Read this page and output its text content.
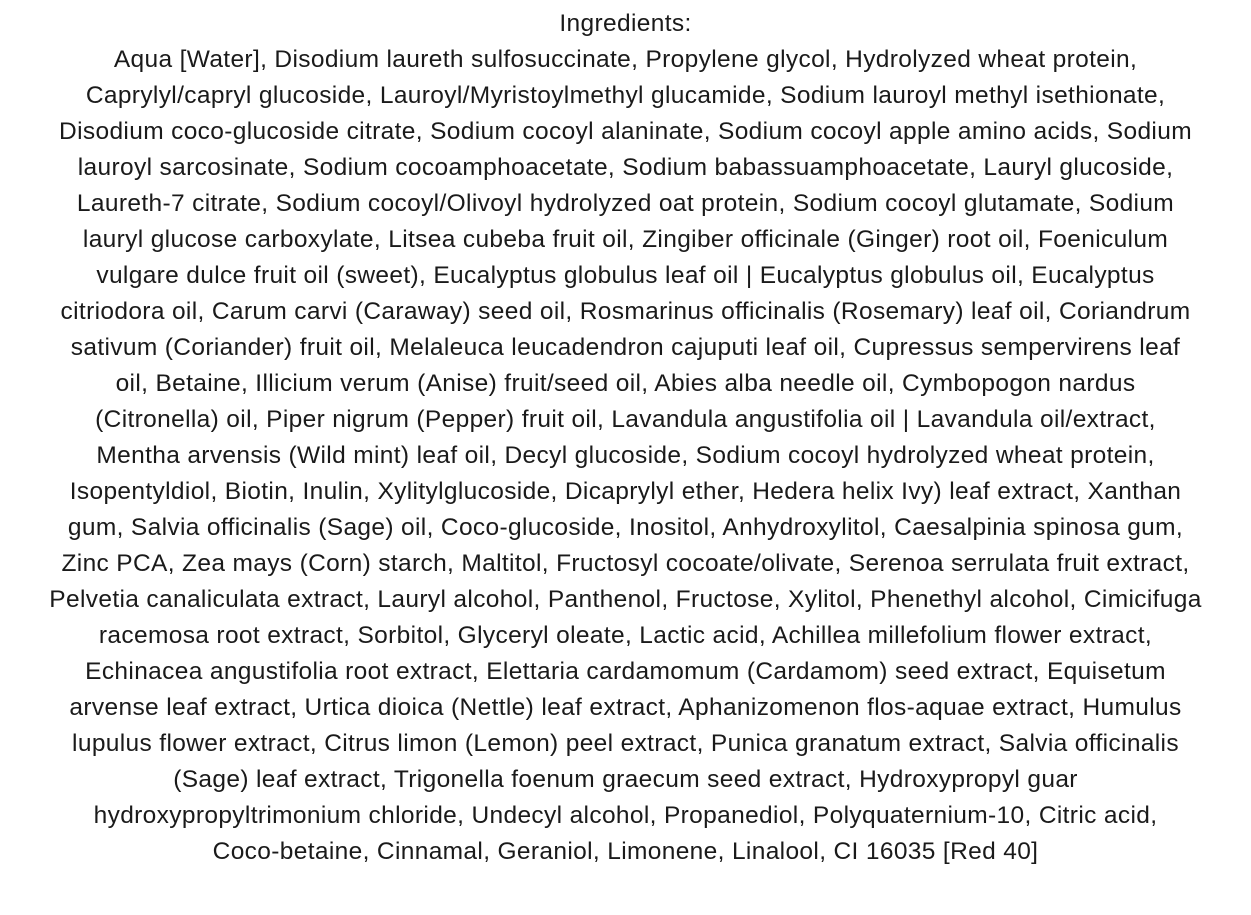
Ingredients:
Aqua [Water], Disodium laureth sulfosuccinate, Propylene glycol, Hydrolyzed wheat protein,
Caprylyl/capryl glucoside, Lauroyl/Myristoylmethyl glucamide, Sodium lauroyl methyl isethionate,
Disodium coco-glucoside citrate, Sodium cocoyl alaninate, Sodium cocoyl apple amino acids, Sodium
lauroyl sarcosinate, Sodium cocoamphoacetate, Sodium babassuamphoacetate, Lauryl glucoside,
Laureth-7 citrate, Sodium cocoyl/Olivoyl hydrolyzed oat protein, Sodium cocoyl glutamate, Sodium
lauryl glucose carboxylate, Litsea cubeba fruit oil, Zingiber officinale (Ginger) root oil, Foeniculum
vulgare dulce fruit oil (sweet), Eucalyptus globulus leaf oil | Eucalyptus globulus oil, Eucalyptus
citriodora oil, Carum carvi (Caraway) seed oil, Rosmarinus officinalis (Rosemary) leaf oil, Coriandrum
sativum (Coriander) fruit oil, Melaleuca leucadendron cajuputi leaf oil, Cupressus sempervirens leaf
oil, Betaine, Illicium verum (Anise) fruit/seed oil, Abies alba needle oil, Cymbopogon nardus
(Citronella) oil, Piper nigrum (Pepper) fruit oil, Lavandula angustifolia oil | Lavandula oil/extract,
Mentha arvensis (Wild mint) leaf oil, Decyl glucoside, Sodium cocoyl hydrolyzed wheat protein,
Isopentyldiol, Biotin, Inulin, Xylitylglucoside, Dicaprylyl ether, Hedera helix Ivy) leaf extract, Xanthan
gum, Salvia officinalis (Sage) oil, Coco-glucoside, Inositol, Anhydroxylitol, Caesalpinia spinosa gum,
Zinc PCA, Zea mays (Corn) starch, Maltitol, Fructosyl cocoate/olivate, Serenoa serrulata fruit extract,
Pelvetia canaliculata extract, Lauryl alcohol, Panthenol, Fructose, Xylitol, Phenethyl alcohol, Cimicifuga
racemosa root extract, Sorbitol, Glyceryl oleate, Lactic acid, Achillea millefolium flower extract,
Echinacea angustifolia root extract, Elettaria cardamomum (Cardamom) seed extract, Equisetum
arvense leaf extract, Urtica dioica (Nettle) leaf extract, Aphanizomenon flos-aquae extract, Humulus
lupulus flower extract, Citrus limon (Lemon) peel extract, Punica granatum extract, Salvia officinalis
(Sage) leaf extract, Trigonella foenum graecum seed extract, Hydroxypropyl guar
hydroxypropyltrimonium chloride, Undecyl alcohol, Propanediol, Polyquaternium-10, Citric acid,
Coco-betaine, Cinnamal, Geraniol, Limonene, Linalool, CI 16035 [Red 40]
